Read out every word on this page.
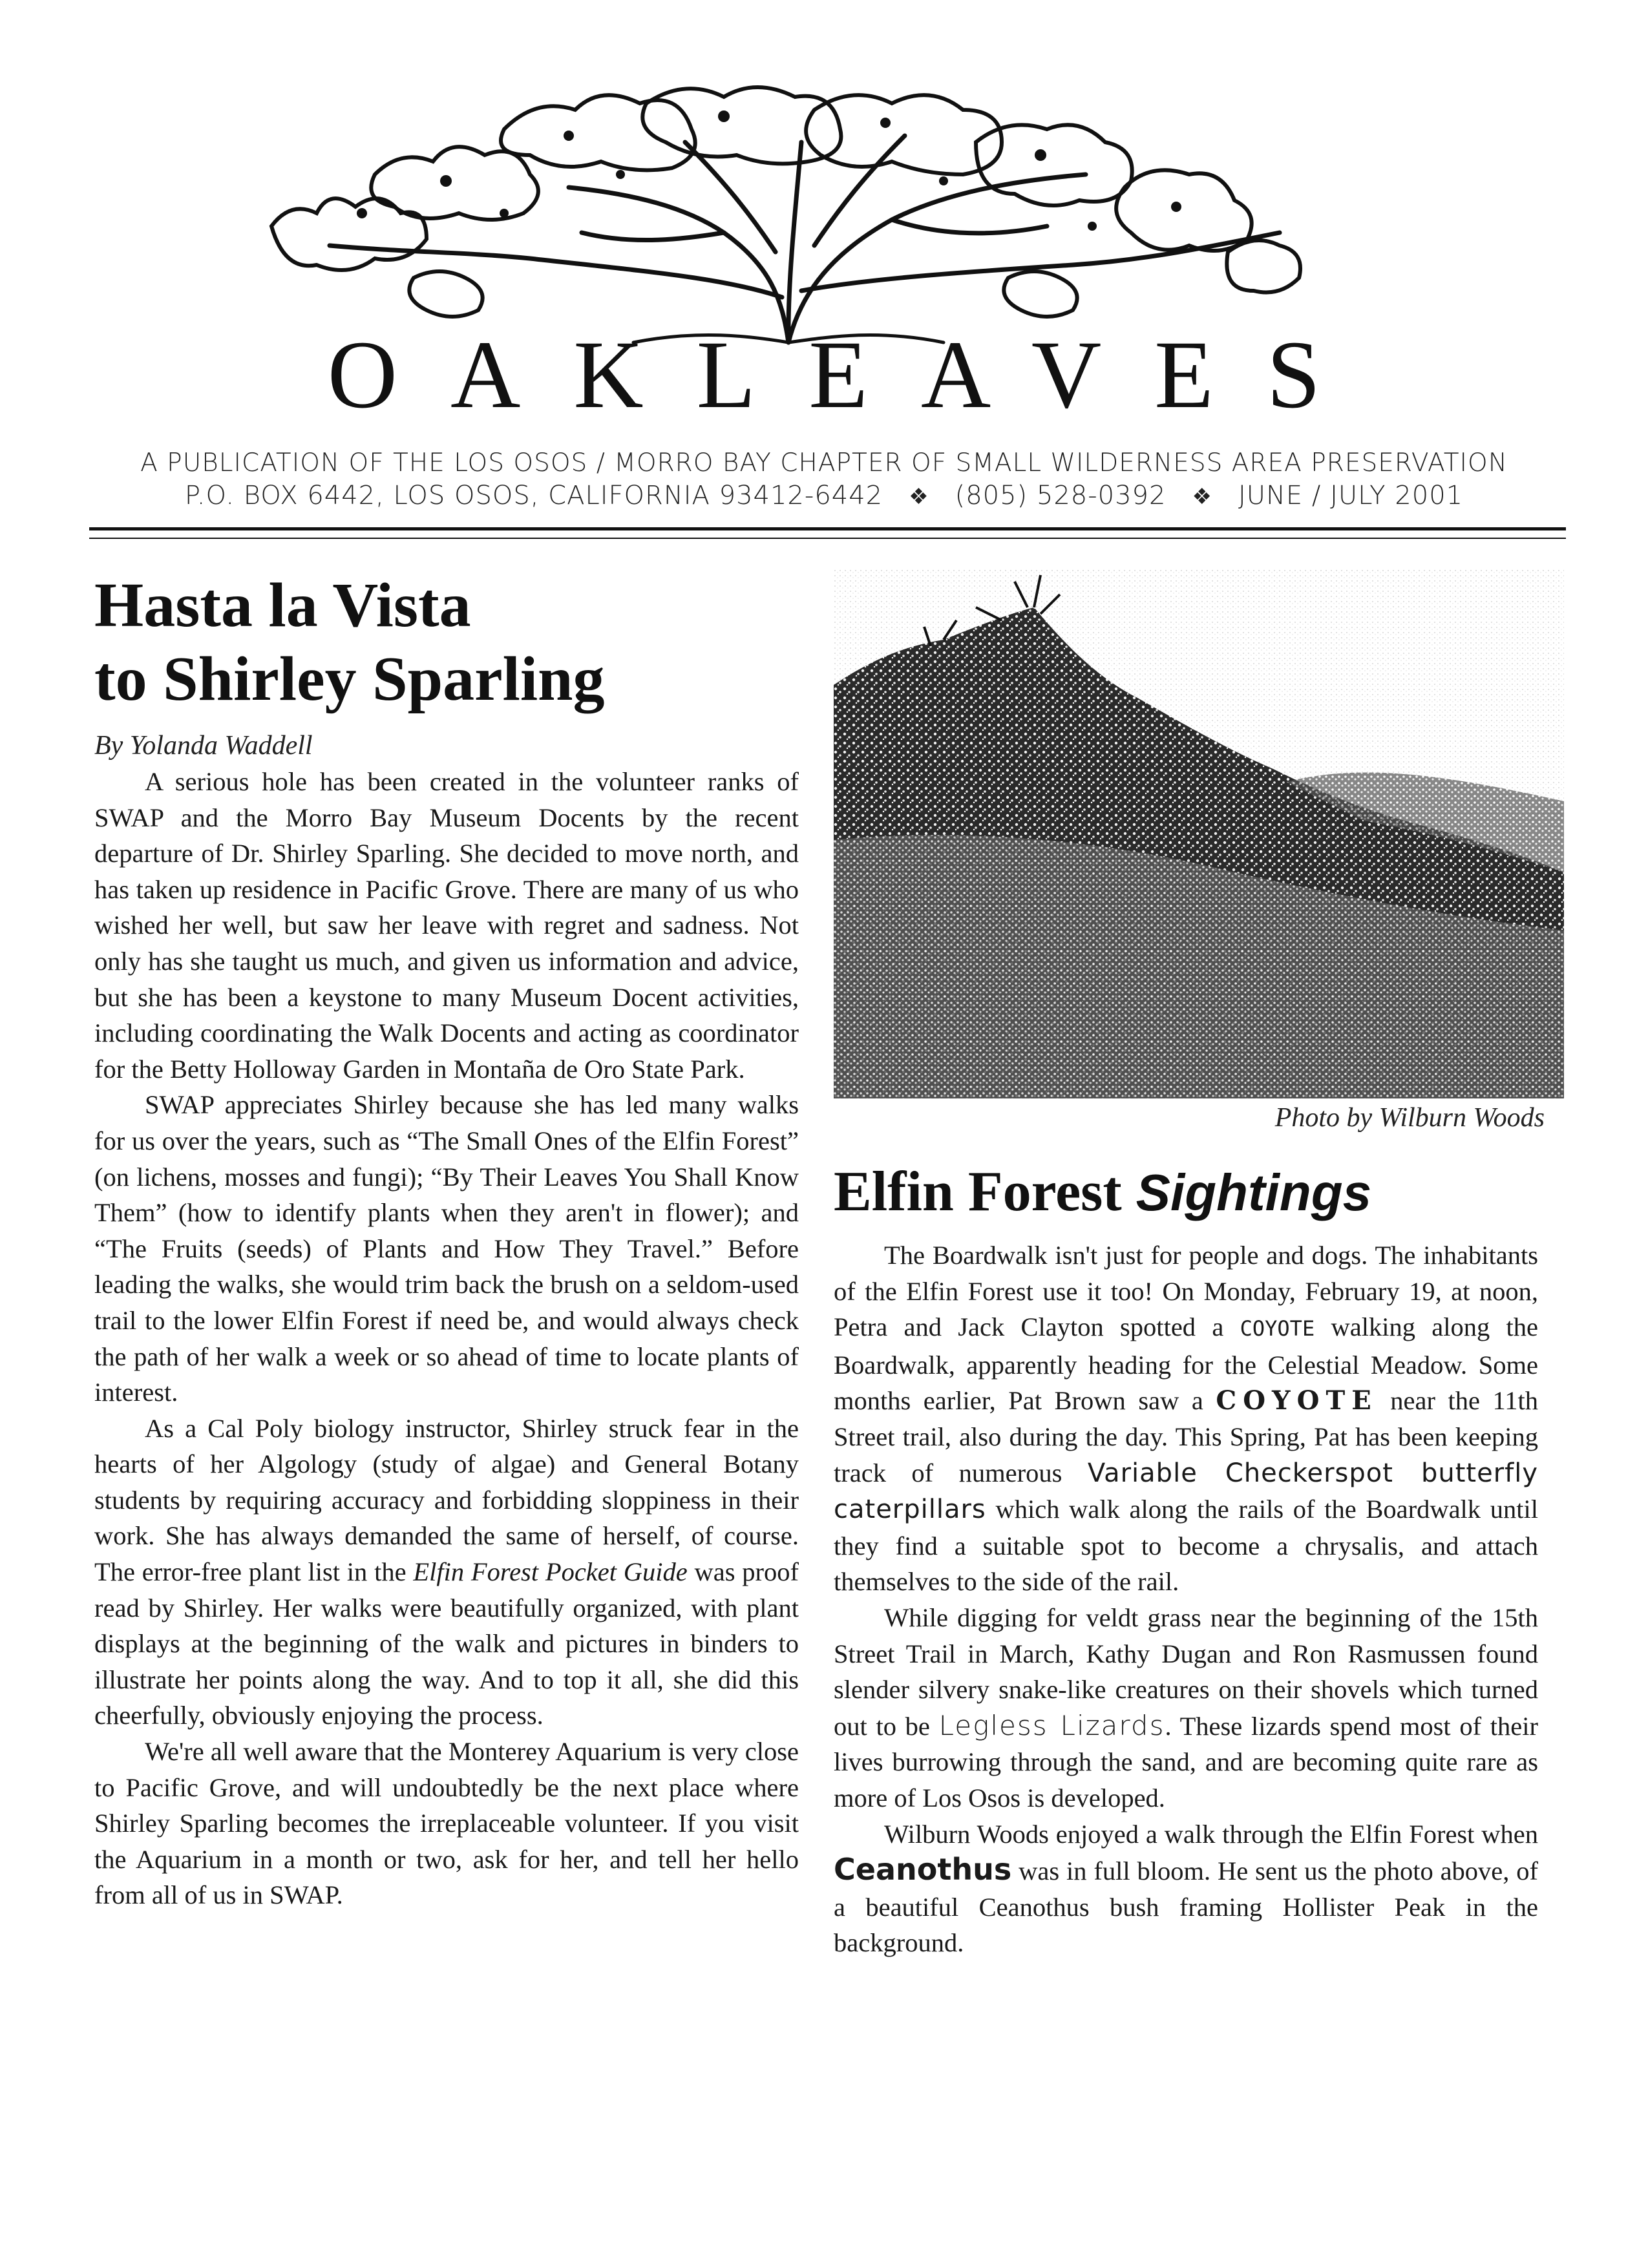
OAKLEAVES
A PUBLICATION OF THE LOS OSOS / MORRO BAY CHAPTER OF SMALL WILDERNESS AREA PRESERVATION
P.O. BOX 6442, LOS OSOS, CALIFORNIA 93412-6442 ❖ (805) 528-0392 ❖ JUNE / JULY 2001
Hasta la Vista
to Shirley Sparling
By Yolanda Waddell

A serious hole has been created in the volunteer ranks of SWAP and the Morro Bay Museum Docents by the recent departure of Dr. Shirley Sparling. She decided to move north, and has taken up residence in Pacific Grove. There are many of us who wished her well, but saw her leave with regret and sadness. Not only has she taught us much, and given us information and advice, but she has been a keystone to many Museum Docent activities, including coordinating the Walk Docents and acting as coordinator for the Betty Holloway Garden in Montaña de Oro State Park.

SWAP appreciates Shirley because she has led many walks for us over the years, such as “The Small Ones of the Elfin Forest” (on lichens, mosses and fungi); “By Their Leaves You Shall Know Them” (how to identify plants when they aren't in flower); and “The Fruits (seeds) of Plants and How They Travel.” Before leading the walks, she would trim back the brush on a seldom-used trail to the lower Elfin Forest if need be, and would always check the path of her walk a week or so ahead of time to locate plants of interest.

As a Cal Poly biology instructor, Shirley struck fear in the hearts of her Algology (study of algae) and General Botany students by requiring accuracy and forbidding sloppiness in their work. She has always demanded the same of herself, of course. The error-free plant list in the Elfin Forest Pocket Guide was proof read by Shirley. Her walks were beautifully organized, with plant displays at the beginning of the walk and pictures in binders to illustrate her points along the way. And to top it all, she did this cheerfully, obviously enjoying the process.

We're all well aware that the Monterey Aquarium is very close to Pacific Grove, and will undoubtedly be the next place where Shirley Sparling becomes the irreplaceable volunteer. If you visit the Aquarium in a month or two, ask for her, and tell her hello from all of us in SWAP.

Photo by Wilburn Woods
Elfin Forest Sightings

The Boardwalk isn't just for people and dogs. The inhabitants of the Elfin Forest use it too! On Monday, February 19, at noon, Petra and Jack Clayton spotted a COYOTE walking along the Boardwalk, apparently heading for the Celestial Meadow. Some months earlier, Pat Brown saw a COYOTE near the 11th Street trail, also during the day. This Spring, Pat has been keeping track of numerous Variable Checkerspot butterfly caterpillars which walk along the rails of the Boardwalk until they find a suitable spot to become a chrysalis, and attach themselves to the side of the rail.

While digging for veldt grass near the beginning of the 15th Street Trail in March, Kathy Dugan and Ron Rasmussen found slender silvery snake-like creatures on their shovels which turned out to be Legless Lizards. These lizards spend most of their lives burrowing through the sand, and are becoming quite rare as more of Los Osos is developed.

Wilburn Woods enjoyed a walk through the Elfin Forest when Ceanothus was in full bloom. He sent us the photo above, of a beautiful Ceanothus bush framing Hollister Peak in the background.
